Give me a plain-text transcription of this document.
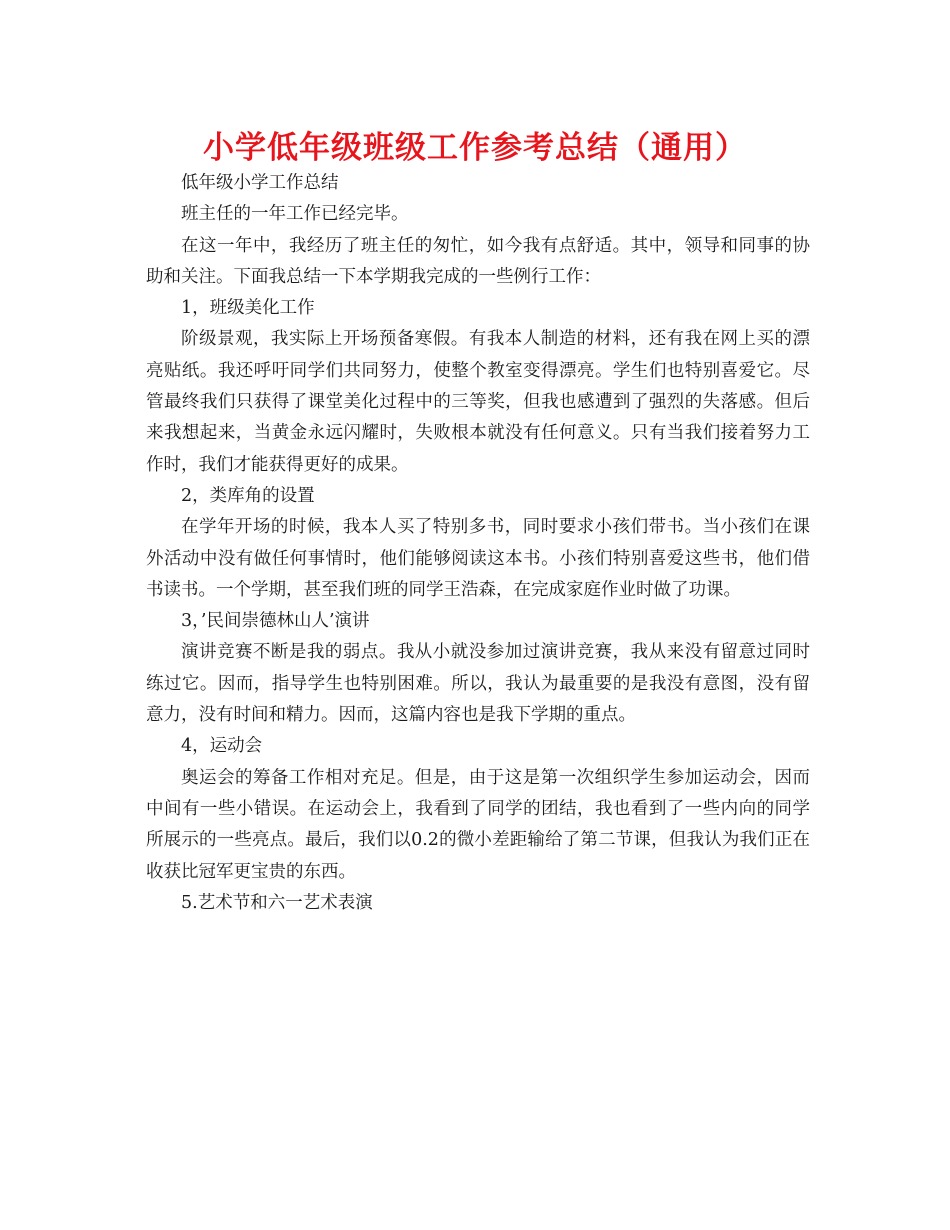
小学低年级班级工作参考总结（通用）

低年级小学工作总结

班主任的一年工作已经完毕。

在这一年中，我经历了班主任的匆忙，如今我有点舒适。其中，领导和同事的协助和关注。下面我总结一下本学期我完成的一些例行工作：

1，班级美化工作

阶级景观，我实际上开场预备寒假。有我本人制造的材料，还有我在网上买的漂亮贴纸。我还呼吁同学们共同努力，使整个教室变得漂亮。学生们也特别喜爱它。尽管最终我们只获得了课堂美化过程中的三等奖，但我也感遭到了强烈的失落感。但后来我想起来，当黄金永远闪耀时，失败根本就没有任何意义。只有当我们接着努力工作时，我们才能获得更好的成果。

2，类库角的设置

在学年开场的时候，我本人买了特别多书，同时要求小孩们带书。当小孩们在课外活动中没有做任何事情时，他们能够阅读这本书。小孩们特别喜爱这些书，他们借书读书。一个学期，甚至我们班的同学王浩森，在完成家庭作业时做了功课。

3，’民间崇德林山人’演讲

演讲竞赛不断是我的弱点。我从小就没参加过演讲竞赛，我从来没有留意过同时练过它。因而，指导学生也特别困难。所以，我认为最重要的是我没有意图，没有留意力，没有时间和精力。因而，这篇内容也是我下学期的重点。

4，运动会

奥运会的筹备工作相对充足。但是，由于这是第一次组织学生参加运动会，因而中间有一些小错误。在运动会上，我看到了同学的团结，我也看到了一些内向的同学所展示的一些亮点。最后，我们以0.2的微小差距输给了第二节课，但我认为我们正在收获比冠军更宝贵的东西。

5.艺术节和六一艺术表演
